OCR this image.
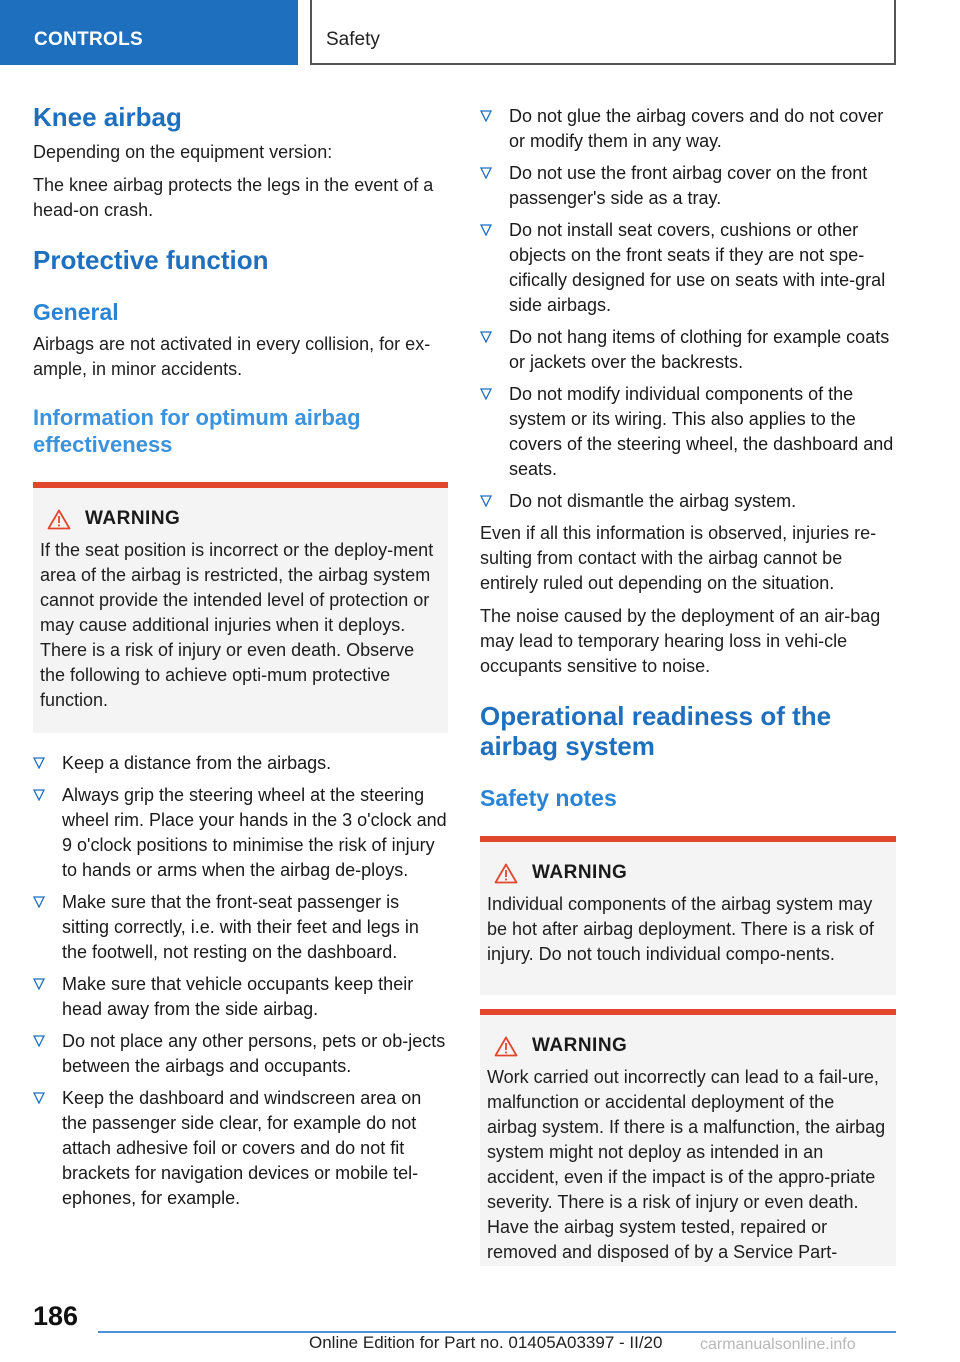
CONTROLS	Safety
Knee airbag
Depending on the equipment version:
The knee airbag protects the legs in the event of a head-on crash.
Protective function
General
Airbags are not activated in every collision, for ex-ample, in minor accidents.
Information for optimum airbag effectiveness
WARNING
If the seat position is incorrect or the deploy-ment area of the airbag is restricted, the airbag system cannot provide the intended level of protection or may cause additional injuries when it deploys. There is a risk of injury or even death. Observe the following to achieve opti-mum protective function.
Keep a distance from the airbags.
Always grip the steering wheel at the steering wheel rim. Place your hands in the 3 o'clock and 9 o'clock positions to minimise the risk of injury to hands or arms when the airbag de-ploys.
Make sure that the front-seat passenger is sitting correctly, i.e. with their feet and legs in the footwell, not resting on the dashboard.
Make sure that vehicle occupants keep their head away from the side airbag.
Do not place any other persons, pets or ob-jects between the airbags and occupants.
Keep the dashboard and windscreen area on the passenger side clear, for example do not attach adhesive foil or covers and do not fit brackets for navigation devices or mobile tel-ephones, for example.
Do not glue the airbag covers and do not cover or modify them in any way.
Do not use the front airbag cover on the front passenger's side as a tray.
Do not install seat covers, cushions or other objects on the front seats if they are not spe-cifically designed for use on seats with inte-gral side airbags.
Do not hang items of clothing for example coats or jackets over the backrests.
Do not modify individual components of the system or its wiring. This also applies to the covers of the steering wheel, the dashboard and seats.
Do not dismantle the airbag system.
Even if all this information is observed, injuries re-sulting from contact with the airbag cannot be entirely ruled out depending on the situation.
The noise caused by the deployment of an air-bag may lead to temporary hearing loss in vehi-cle occupants sensitive to noise.
Operational readiness of the airbag system
Safety notes
WARNING
Individual components of the airbag system may be hot after airbag deployment. There is a risk of injury. Do not touch individual compo-nents.
WARNING
Work carried out incorrectly can lead to a fail-ure, malfunction or accidental deployment of the airbag system. If there is a malfunction, the airbag system might not deploy as intended in an accident, even if the impact is of the appro-priate severity. There is a risk of injury or even death. Have the airbag system tested, repaired or removed and disposed of by a Service Part-
186
Online Edition for Part no. 01405A03397 - II/20 carmanualsonline.info
